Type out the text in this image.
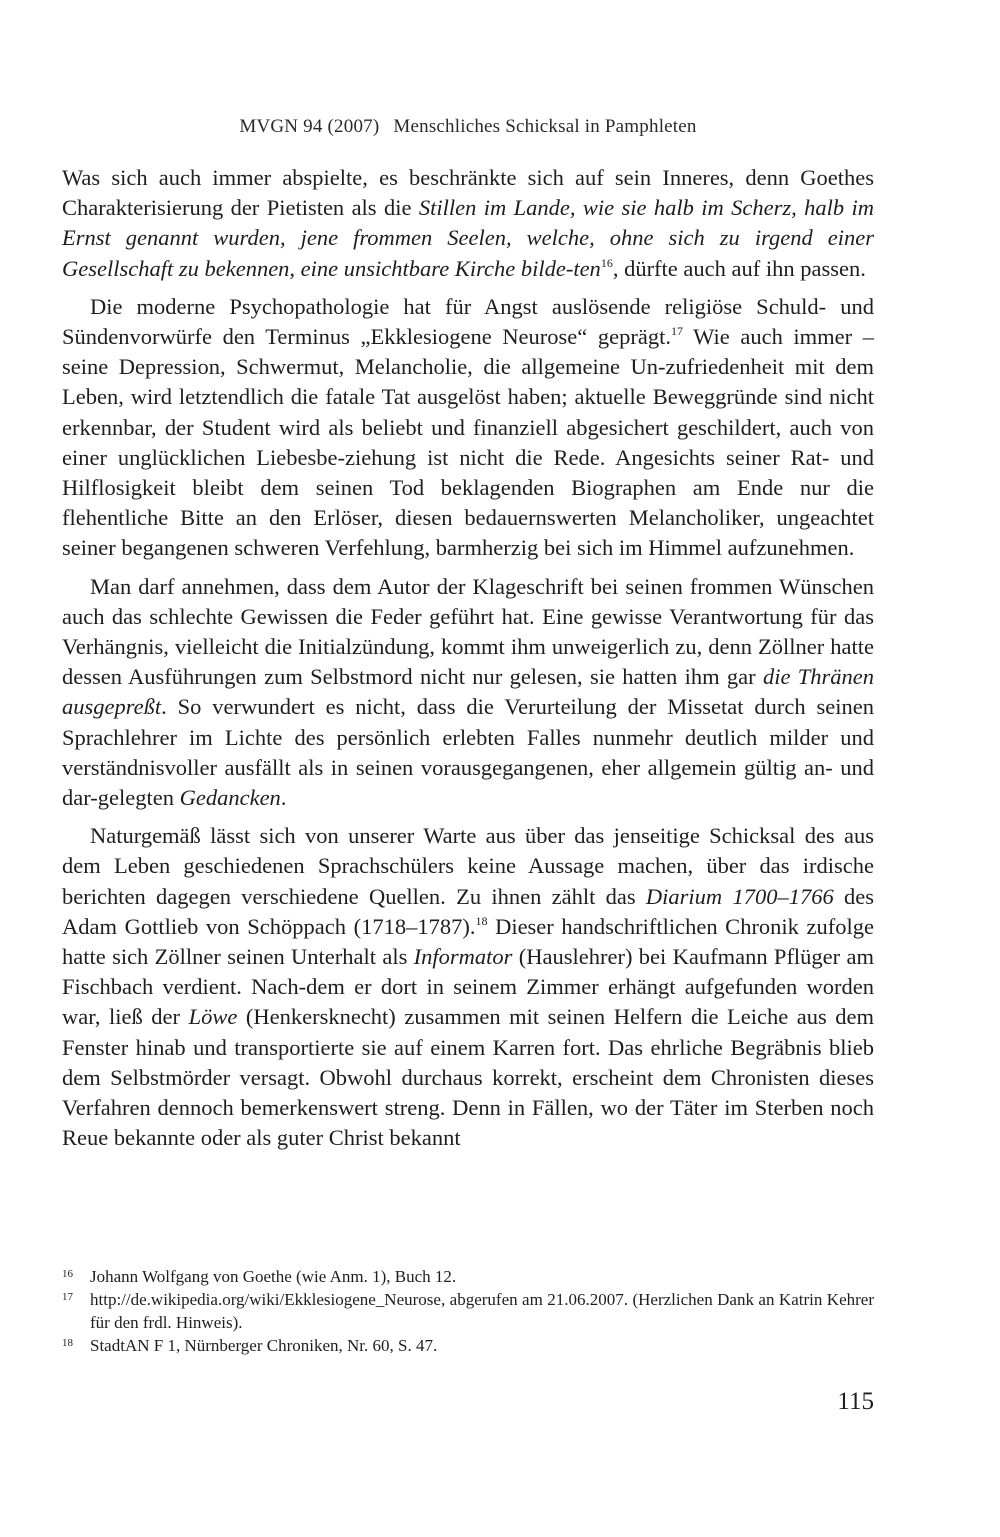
MVGN 94 (2007) Menschliches Schicksal in Pamphleten

Was sich auch immer abspielte, es beschränkte sich auf sein Inneres, denn Goethes Charakterisierung der Pietisten als die Stillen im Lande, wie sie halb im Scherz, halb im Ernst genannt wurden, jene frommen Seelen, welche, ohne sich zu irgend einer Gesellschaft zu bekennen, eine unsichtbare Kirche bilde-ten$^{16}$, dürfte auch auf ihn passen.

Die moderne Psychopathologie hat für Angst auslösende religiöse Schuld- und Sündenvorwürfe den Terminus „Ekklesiogene Neurose“ geprägt.$^{17}$ Wie auch immer – seine Depression, Schwermut, Melancholie, die allgemeine Un-zufriedenheit mit dem Leben, wird letztendlich die fatale Tat ausgelöst haben; aktuelle Beweggründe sind nicht erkennbar, der Student wird als beliebt und finanziell abgesichert geschildert, auch von einer unglücklichen Liebesbe-ziehung ist nicht die Rede. Angesichts seiner Rat- und Hilflosigkeit bleibt dem seinen Tod beklagenden Biographen am Ende nur die flehentliche Bitte an den Erlöser, diesen bedauernswerten Melancholiker, ungeachtet seiner begangenen schweren Verfehlung, barmherzig bei sich im Himmel aufzunehmen.

Man darf annehmen, dass dem Autor der Klageschrift bei seinen frommen Wünschen auch das schlechte Gewissen die Feder geführt hat. Eine gewisse Verantwortung für das Verhängnis, vielleicht die Initialzündung, kommt ihm unweigerlich zu, denn Zöllner hatte dessen Ausführungen zum Selbstmord nicht nur gelesen, sie hatten ihm gar die Thränen ausgepreßt. So verwundert es nicht, dass die Verurteilung der Missetat durch seinen Sprachlehrer im Lichte des persönlich erlebten Falles nunmehr deutlich milder und verständnisvoller ausfällt als in seinen vorausgegangenen, eher allgemein gültig an- und dar-gelegten Gedancken.

Naturgemäß lässt sich von unserer Warte aus über das jenseitige Schicksal des aus dem Leben geschiedenen Sprachschülers keine Aussage machen, über das irdische berichten dagegen verschiedene Quellen. Zu ihnen zählt das Diarium 1700–1766 des Adam Gottlieb von Schöppach (1718–1787).$^{18}$ Dieser handschriftlichen Chronik zufolge hatte sich Zöllner seinen Unterhalt als Informator (Hauslehrer) bei Kaufmann Pflüger am Fischbach verdient. Nach-dem er dort in seinem Zimmer erhängt aufgefunden worden war, ließ der Löwe (Henkersknecht) zusammen mit seinen Helfern die Leiche aus dem Fenster hinab und transportierte sie auf einem Karren fort. Das ehrliche Begräbnis blieb dem Selbstmörder versagt. Obwohl durchaus korrekt, erscheint dem Chronisten dieses Verfahren dennoch bemerkenswert streng. Denn in Fällen, wo der Täter im Sterben noch Reue bekannte oder als guter Christ bekannt

16	Johann Wolfgang von Goethe (wie Anm. 1), Buch 12.
17	http://de.wikipedia.org/wiki/Ekklesiogene_Neurose, abgerufen am 21.06.2007. (Herzlichen Dank an Katrin Kehrer für den frdl. Hinweis).
18	StadtAN F 1, Nürnberger Chroniken, Nr. 60, S. 47.
115
